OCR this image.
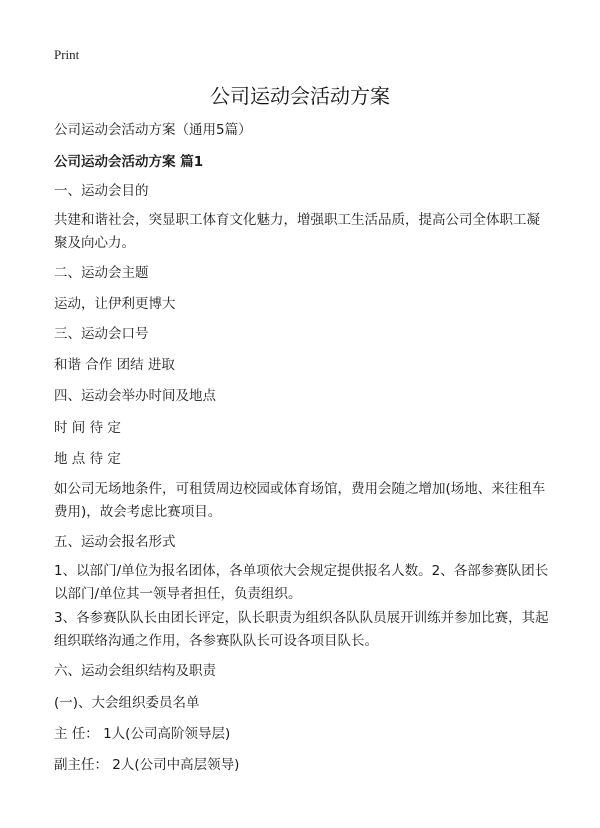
Print
公司运动会活动方案

公司运动会活动方案（通用5篇）

公司运动会活动方案 篇1

一、运动会目的

共建和谐社会，突显职工体育文化魅力，增强职工生活品质，提高公司全体职工凝聚及向心力。

二、运动会主题

运动，让伊利更博大

三、运动会口号

和谐 合作 团结 进取

四、运动会举办时间及地点

时 间 待 定

地 点 待 定

如公司无场地条件，可租赁周边校园或体育场馆，费用会随之增加(场地、来往租车费用)，故会考虑比赛项目。

五、运动会报名形式

1、以部门/单位为报名团体，各单项依大会规定提供报名人数。2、各部参赛队团长以部门/单位其一领导者担任，负责组织。

3、各参赛队队长由团长评定，队长职责为组织各队队员展开训练并参加比赛，其起组织联络沟通之作用，各参赛队队长可设各项目队长。

六、运动会组织结构及职责

(一)、大会组织委员名单

主 任： 1人(公司高阶领导层)

副主任： 2人(公司中高层领导)
